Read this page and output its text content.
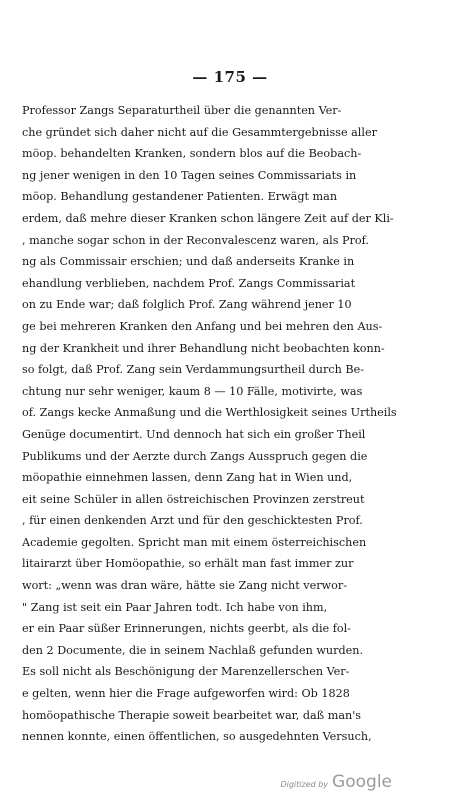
— 175 —
Professor Zangs Separaturtheil über die genannten Ver-
che gründet sich daher nicht auf die Gesammtergebnisse aller
möop. behandelten Kranken, sondern blos auf die Beobach-
ng jener wenigen in den 10 Tagen seines Commissariats in
möop. Behandlung gestandener Patienten. Erwägt man
erdem, daß mehre dieser Kranken schon längere Zeit auf der Kli-
, manche sogar schon in der Reconvalescenz waren, als Prof.
ng als Commissair erschien; und daß anderseits Kranke in
ehandlung verblieben, nachdem Prof. Zangs Commissariat
on zu Ende war; daß folglich Prof. Zang während jener 10
ge bei mehreren Kranken den Anfang und bei mehren den Aus-
ng der Krankheit und ihrer Behandlung nicht beobachten konn-
so folgt, daß Prof. Zang sein Verdammungsurtheil durch Be-
chtung nur sehr weniger, kaum 8 — 10 Fälle, motivirte, was
of. Zangs kecke Anmaßung und die Werthlosigkeit seines Urtheils
Genüge documentirt. Und dennoch hat sich ein großer Theil
Publikums und der Aerzte durch Zangs Ausspruch gegen die
möopathie einnehmen lassen, denn Zang hat in Wien und,
eit seine Schüler in allen östreichischen Provinzen zerstreut
, für einen denkenden Arzt und für den geschicktesten Prof.
Academie gegolten. Spricht man mit einem österreichischen
litairarzt über Homöopathie, so erhält man fast immer zur
wort: „wenn was dran wäre, hätte sie Zang nicht verwor-
" Zang ist seit ein Paar Jahren todt. Ich habe von ihm,
er ein Paar süßer Erinnerungen, nichts geerbt, als die fol-
den 2 Documente, die in seinem Nachlaß gefunden wurden.
Es soll nicht als Beschönigung der Marenzellerschen Ver-
e gelten, wenn hier die Frage aufgeworfen wird: Ob 1828
homöopathische Therapie soweit bearbeitet war, daß man's
nennen konnte, einen öffentlichen, so ausgedehnten Versuch,
Digitized by Google
